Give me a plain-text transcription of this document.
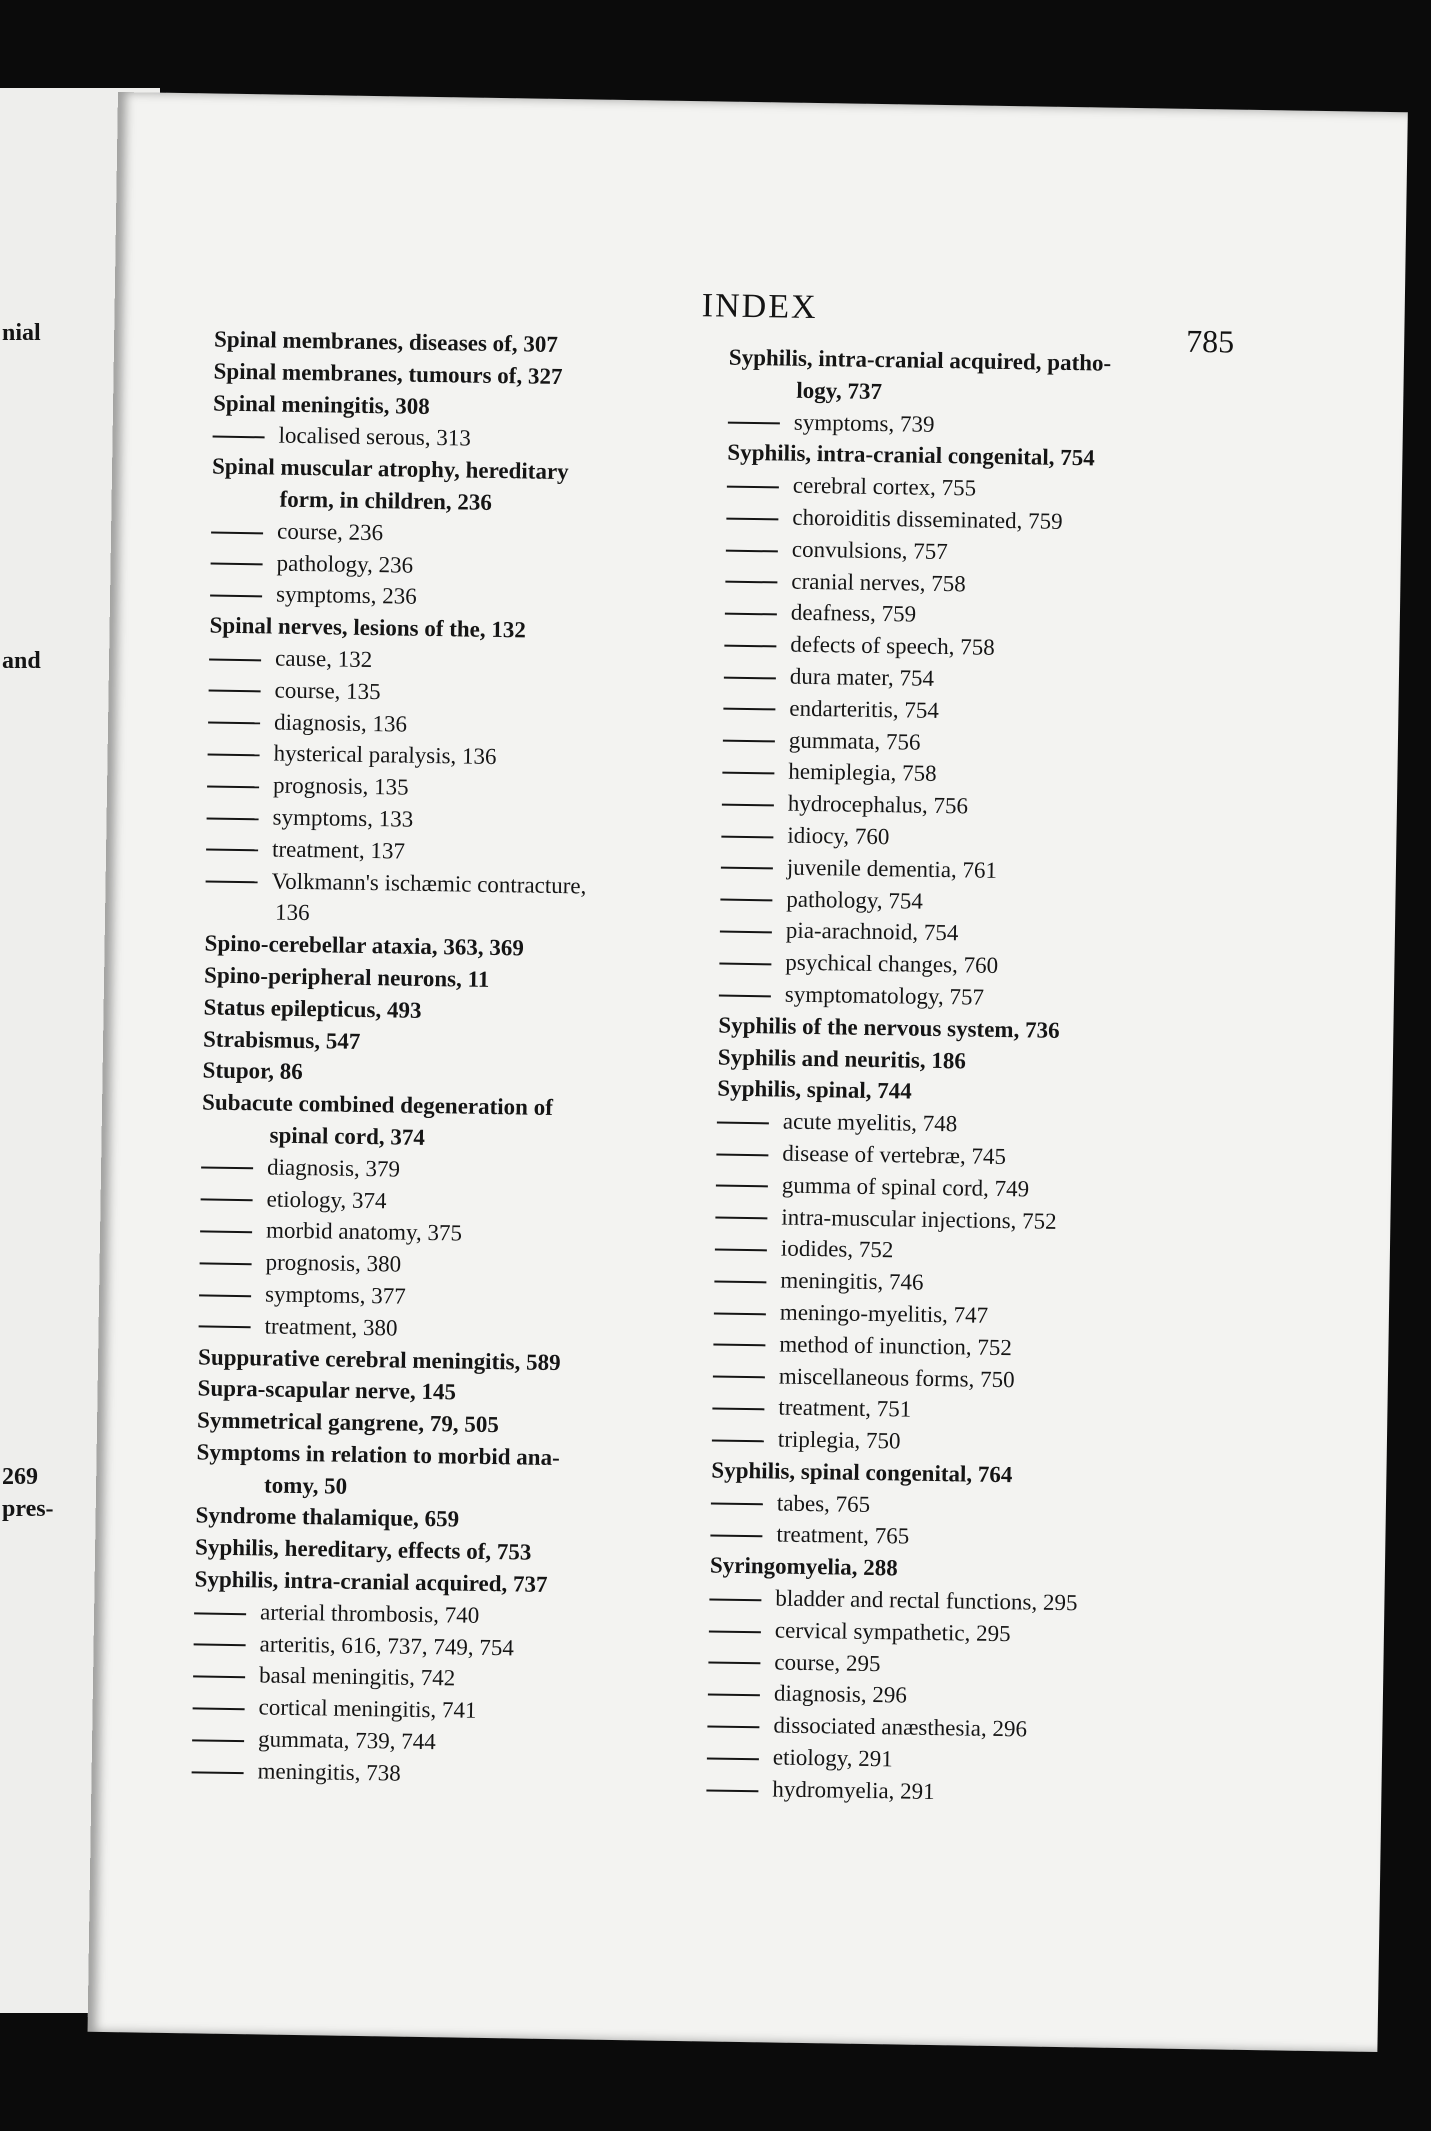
nial
and
269
pres-
INDEX
785
Spinal membranes, diseases of, 307
Spinal membranes, tumours of, 327
Spinal meningitis, 308
localised serous, 313
Spinal muscular atrophy, hereditary
form, in children, 236
course, 236
pathology, 236
symptoms, 236
Spinal nerves, lesions of the, 132
cause, 132
course, 135
diagnosis, 136
hysterical paralysis, 136
prognosis, 135
symptoms, 133
treatment, 137
Volkmann's ischæmic contracture,
136
Spino-cerebellar ataxia, 363, 369
Spino-peripheral neurons, 11
Status epilepticus, 493
Strabismus, 547
Stupor, 86
Subacute combined degeneration of
spinal cord, 374
diagnosis, 379
etiology, 374
morbid anatomy, 375
prognosis, 380
symptoms, 377
treatment, 380
Suppurative cerebral meningitis, 589
Supra-scapular nerve, 145
Symmetrical gangrene, 79, 505
Symptoms in relation to morbid ana-
tomy, 50
Syndrome thalamique, 659
Syphilis, hereditary, effects of, 753
Syphilis, intra-cranial acquired, 737
arterial thrombosis, 740
arteritis, 616, 737, 749, 754
basal meningitis, 742
cortical meningitis, 741
gummata, 739, 744
meningitis, 738
Syphilis, intra-cranial acquired, patho-
logy, 737
symptoms, 739
Syphilis, intra-cranial congenital, 754
cerebral cortex, 755
choroiditis disseminated, 759
convulsions, 757
cranial nerves, 758
deafness, 759
defects of speech, 758
dura mater, 754
endarteritis, 754
gummata, 756
hemiplegia, 758
hydrocephalus, 756
idiocy, 760
juvenile dementia, 761
pathology, 754
pia-arachnoid, 754
psychical changes, 760
symptomatology, 757
Syphilis of the nervous system, 736
Syphilis and neuritis, 186
Syphilis, spinal, 744
acute myelitis, 748
disease of vertebræ, 745
gumma of spinal cord, 749
intra-muscular injections, 752
iodides, 752
meningitis, 746
meningo-myelitis, 747
method of inunction, 752
miscellaneous forms, 750
treatment, 751
triplegia, 750
Syphilis, spinal congenital, 764
tabes, 765
treatment, 765
Syringomyelia, 288
bladder and rectal functions, 295
cervical sympathetic, 295
course, 295
diagnosis, 296
dissociated anæsthesia, 296
etiology, 291
hydromyelia, 291
